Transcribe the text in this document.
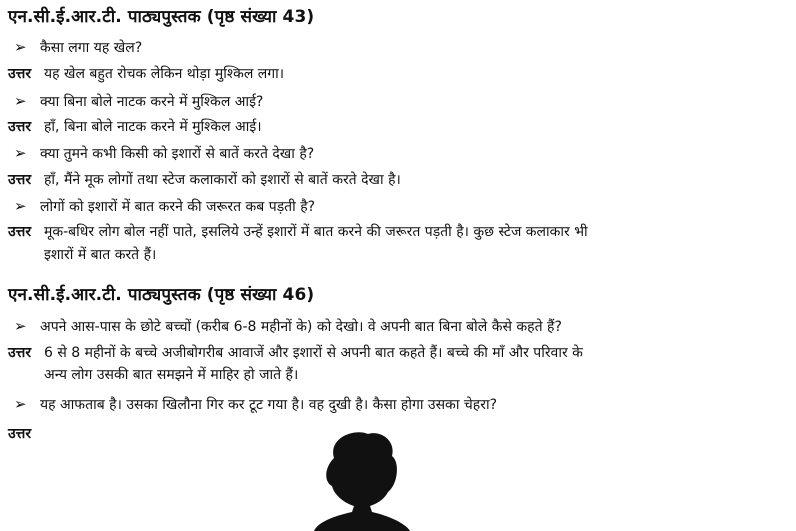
एन.सी.ई.आर.टी. पाठ्यपुस्तक (पृष्ठ संख्या 43)
➢ कैसा लगा यह खेल?
उत्तर यह खेल बहुत रोचक लेकिन थोड़ा मुश्किल लगा।
➢ क्या बिना बोले नाटक करने में मुश्किल आई?
उत्तर हाँ, बिना बोले नाटक करने में मुश्किल आई।
➢ क्या तुमने कभी किसी को इशारों से बातें करते देखा है?
उत्तर हाँ, मैंने मूक लोगों तथा स्टेज कलाकारों को इशारों से बातें करते देखा है।
➢ लोगों को इशारों में बात करने की जरूरत कब पड़ती है?
उत्तर मूक-बधिर लोग बोल नहीं पाते, इसलिये उन्हें इशारों में बात करने की जरूरत पड़ती है। कुछ स्टेज कलाकार भी
इशारों में बात करते हैं।
एन.सी.ई.आर.टी. पाठ्यपुस्तक (पृष्ठ संख्या 46)
➢ अपने आस-पास के छोटे बच्चों (करीब 6-8 महीनों के) को देखो। वे अपनी बात बिना बोले कैसे कहते हैं?
उत्तर 6 से 8 महीनों के बच्चे अजीबोगरीब आवाजें और इशारों से अपनी बात कहते हैं। बच्चे की माँ और परिवार के
अन्य लोग उसकी बात समझने में माहिर हो जाते हैं।
➢ यह आफताब है। उसका खिलौना गिर कर टूट गया है। वह दुखी है। कैसा होगा उसका चेहरा?
उत्तर
